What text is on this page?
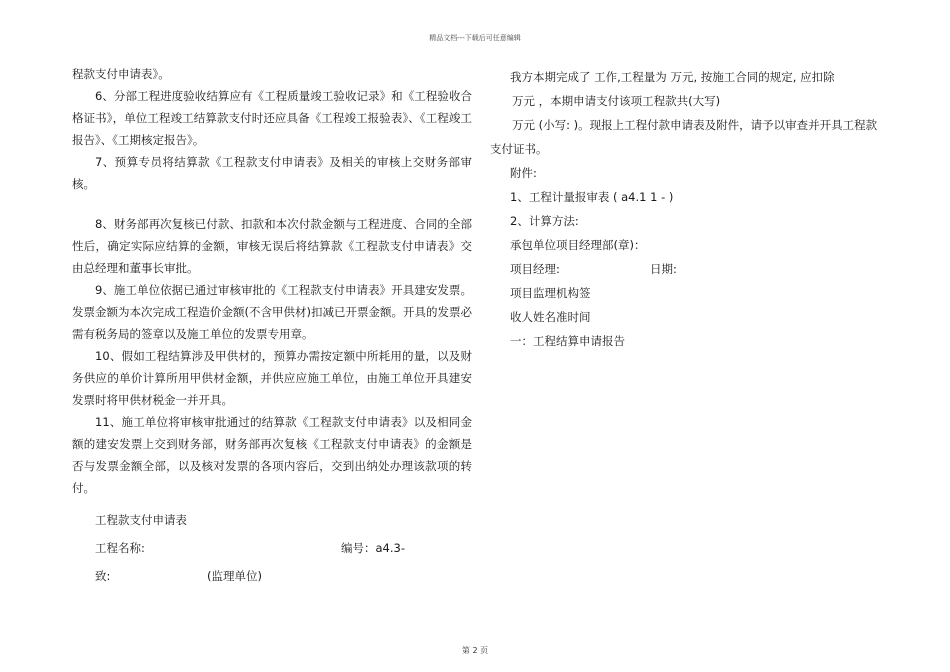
精品文档---下载后可任意编辑

程款支付申请表》。

6、分部工程进度验收结算应有《工程质量竣工验收记录》和《工程验收合格证书》，单位工程竣工结算款支付时还应具备《工程竣工报验表》、《工程竣工报告》、《工期核定报告》。

7、预算专员将结算款《工程款支付申请表》及相关的审核上交财务部审核。

8、财务部再次复核已付款、扣款和本次付款金额与工程进度、合同的全部性后，确定实际应结算的金额，审核无误后将结算款《工程款支付申请表》交由总经理和董事长审批。

9、施工单位依据已通过审核审批的《工程款支付申请表》开具建安发票。发票金额为本次完成工程造价金额(不含甲供材)扣减已开票金额。开具的发票必需有税务局的签章以及施工单位的发票专用章。

10、假如工程结算涉及甲供材的，预算办需按定额中所耗用的量，以及财务供应的单价计算所用甲供材金额，并供应应施工单位，由施工单位开具建安发票时将甲供材税金一并开具。

11、施工单位将审核审批通过的结算款《工程款支付申请表》以及相同金额的建安发票上交到财务部，财务部再次复核《工程款支付申请表》的金额是否与发票金额全部，以及核对发票的各项内容后，交到出纳处办理该款项的转付。

工程款支付申请表
工程名称:	编号：a4.3-
致:	(监理单位)
我方本期完成了 工作,工程量为 万元, 按施工合同的规定, 应扣除
万元 ，本期申请支付该项工程款共(大写)
万元 (小写: )。现报上工程付款申请表及附件，请予以审查并开具工程款
支付证书。
附件:
1、工程计量报审表 ( a4.1 1 - )
2、计算方法:
承包单位项目经理部(章)：
项目经理:	日期:
项目监理机构签
收人姓名准时间
一：工程结算申请报告
第 2 页
